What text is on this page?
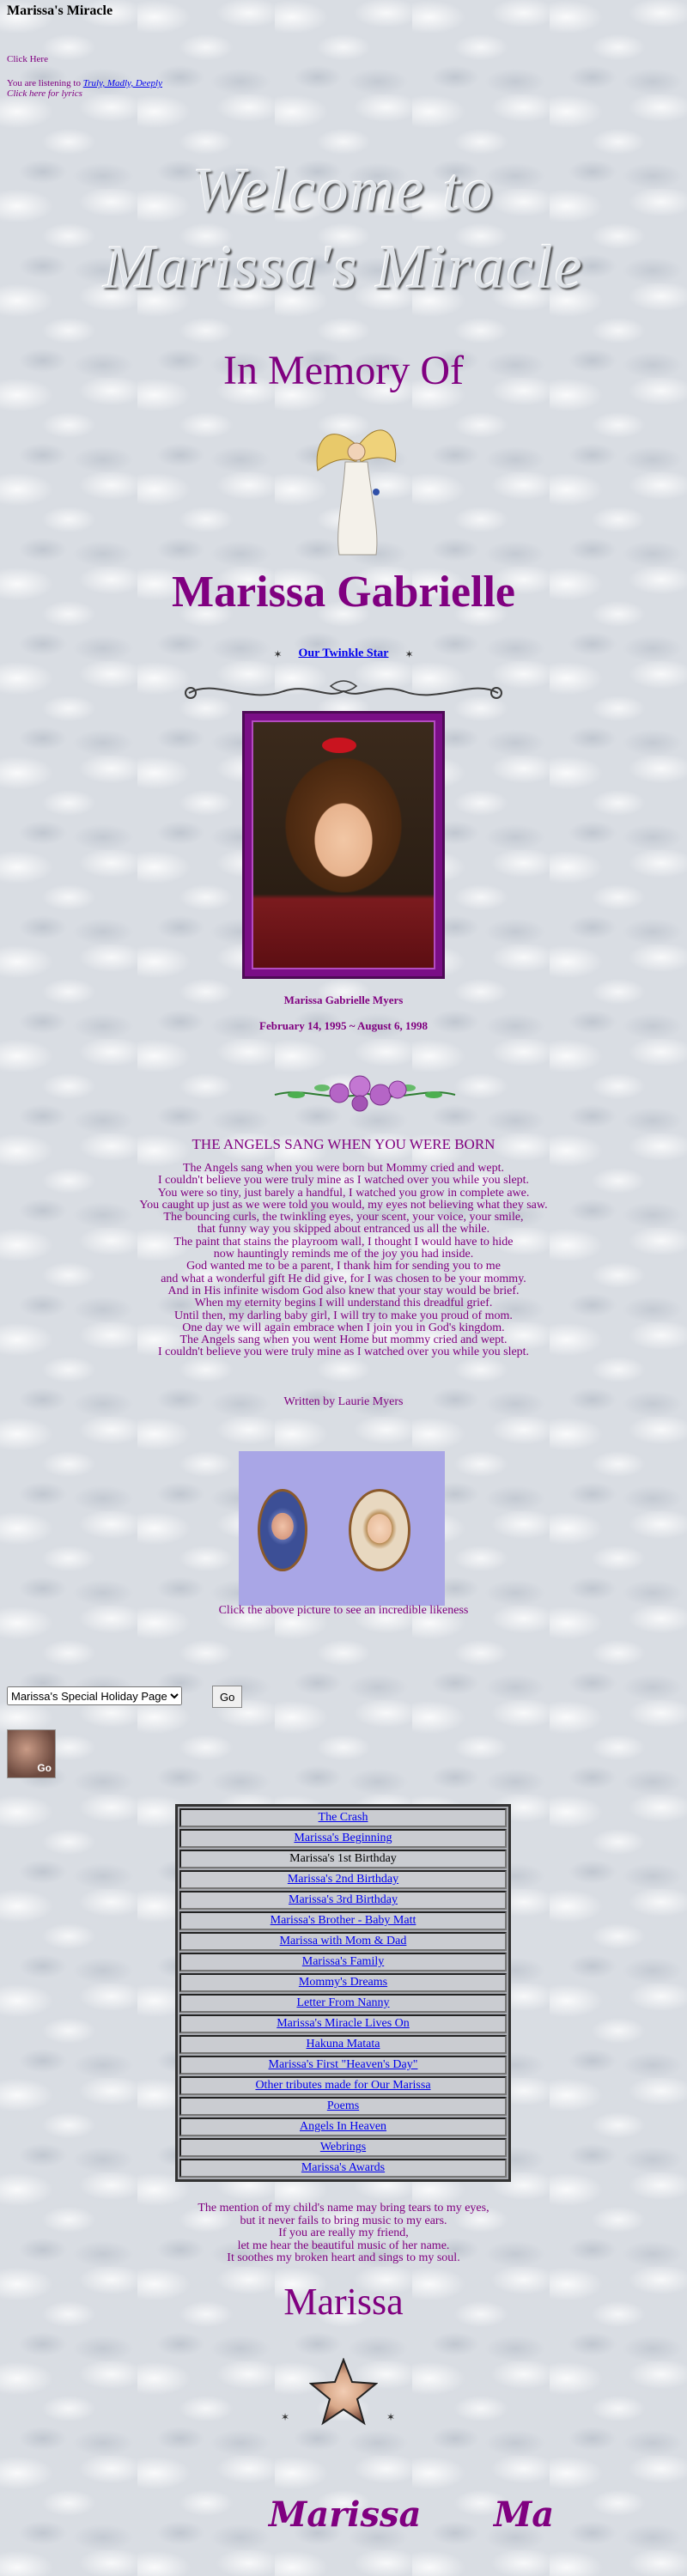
Marissa's Miracle
Click Here
You are listening to Truly, Madly, Deeply
Click here for lyrics
Welcome to
Marissa's Miracle
In Memory Of
Marissa Gabrielle
✶ Our Twinkle Star ✶
Marissa Gabrielle Myers
February 14, 1995 ~ August 6, 1998
THE ANGELS SANG WHEN YOU WERE BORN
The Angels sang when you were born but Mommy cried and wept.
I couldn't believe you were truly mine as I watched over you while you slept.
You were so tiny, just barely a handful, I watched you grow in complete awe.
You caught up just as we were told you would, my eyes not believing what they saw.
The bouncing curls, the twinkling eyes, your scent, your voice, your smile,
that funny way you skipped about entranced us all the while.
The paint that stains the playroom wall, I thought I would have to hide
now hauntingly reminds me of the joy you had inside.
God wanted me to be a parent, I thank him for sending you to me
and what a wonderful gift He did give, for I was chosen to be your mommy.
And in His infinite wisdom God also knew that your stay would be brief.
When my eternity begins I will understand this dreadful grief.
Until then, my darling baby girl, I will try to make you proud of mom.
One day we will again embrace when I join you in God's kingdom.
The Angels sang when you went Home but mommy cried and wept.
I couldn't believe you were truly mine as I watched over you while you slept.
Written by Laurie Myers
Click the above picture to see an incredible likeness
Marissa's Special Holiday Page
Go
Go
The Crash
Marissa's Beginning
Marissa's 1st Birthday
Marissa's 2nd Birthday
Marissa's 3rd Birthday
Marissa's Brother - Baby Matt
Marissa with Mom & Dad
Marissa's Family
Mommy's Dreams
Letter From Nanny
Marissa's Miracle Lives On
Hakuna Matata
Marissa's First "Heaven's Day"
Other tributes made for Our Marissa
Poems
Angels In Heaven
Webrings
Marissa's Awards
The mention of my child's name may bring tears to my eyes,
but it never fails to bring music to my ears.
If you are really my friend,
let me hear the beautiful music of her name.
It soothes my broken heart and sings to my soul.
Marissa
✶	✶
Marissa Ma
